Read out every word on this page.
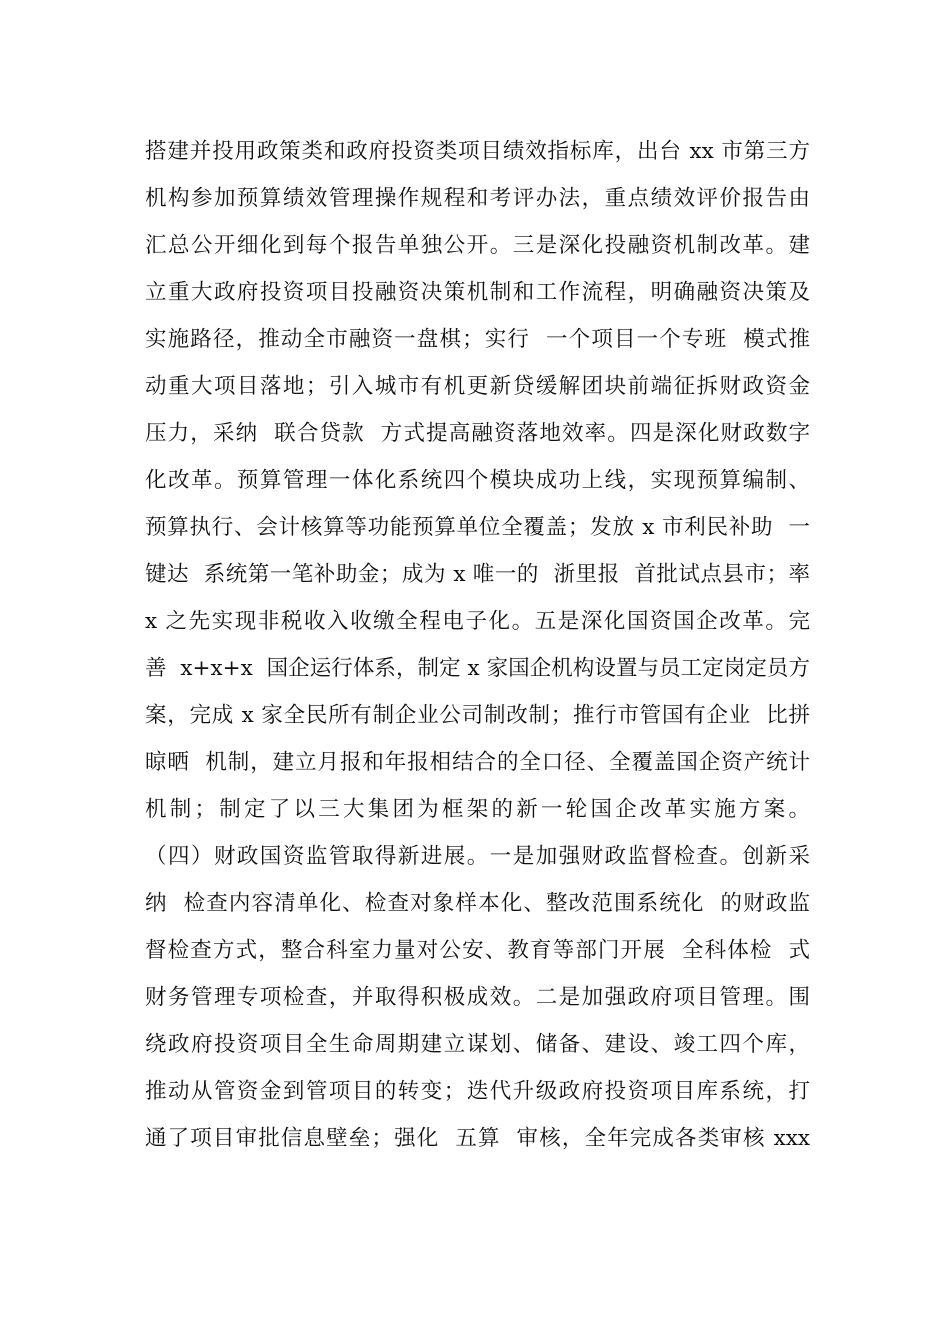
搭建并投用政策类和政府投资类项目绩效指标库，出台 xx 市第三方
机构参加预算绩效管理操作规程和考评办法，重点绩效评价报告由
汇总公开细化到每个报告单独公开。三是深化投融资机制改革。建
立重大政府投资项目投融资决策机制和工作流程，明确融资决策及
实施路径，推动全市融资一盘棋；实行  一个项目一个专班  模式推
动重大项目落地；引入城市有机更新贷缓解团块前端征拆财政资金
压力，采纳  联合贷款  方式提高融资落地效率。四是深化财政数字
化改革。预算管理一体化系统四个模块成功上线，实现预算编制、
预算执行、会计核算等功能预算单位全覆盖；发放 x 市利民补助  一
键达  系统第一笔补助金；成为 x 唯一的  浙里报  首批试点县市；率
x 之先实现非税收入收缴全程电子化。五是深化国资国企改革。完
善  x+x+x  国企运行体系，制定 x 家国企机构设置与员工定岗定员方
案，完成 x 家全民所有制企业公司制改制；推行市管国有企业  比拼
晾晒  机制，建立月报和年报相结合的全口径、全覆盖国企资产统计
机制；制定了以三大集团为框架的新一轮国企改革实施方案。
（四）财政国资监管取得新进展。一是加强财政监督检查。创新采
纳  检查内容清单化、检查对象样本化、整改范围系统化  的财政监
督检查方式，整合科室力量对公安、教育等部门开展  全科体检  式
财务管理专项检查，并取得积极成效。二是加强政府项目管理。围
绕政府投资项目全生命周期建立谋划、储备、建设、竣工四个库，
推动从管资金到管项目的转变；迭代升级政府投资项目库系统，打
通了项目审批信息壁垒；强化  五算  审核，全年完成各类审核 xxx
